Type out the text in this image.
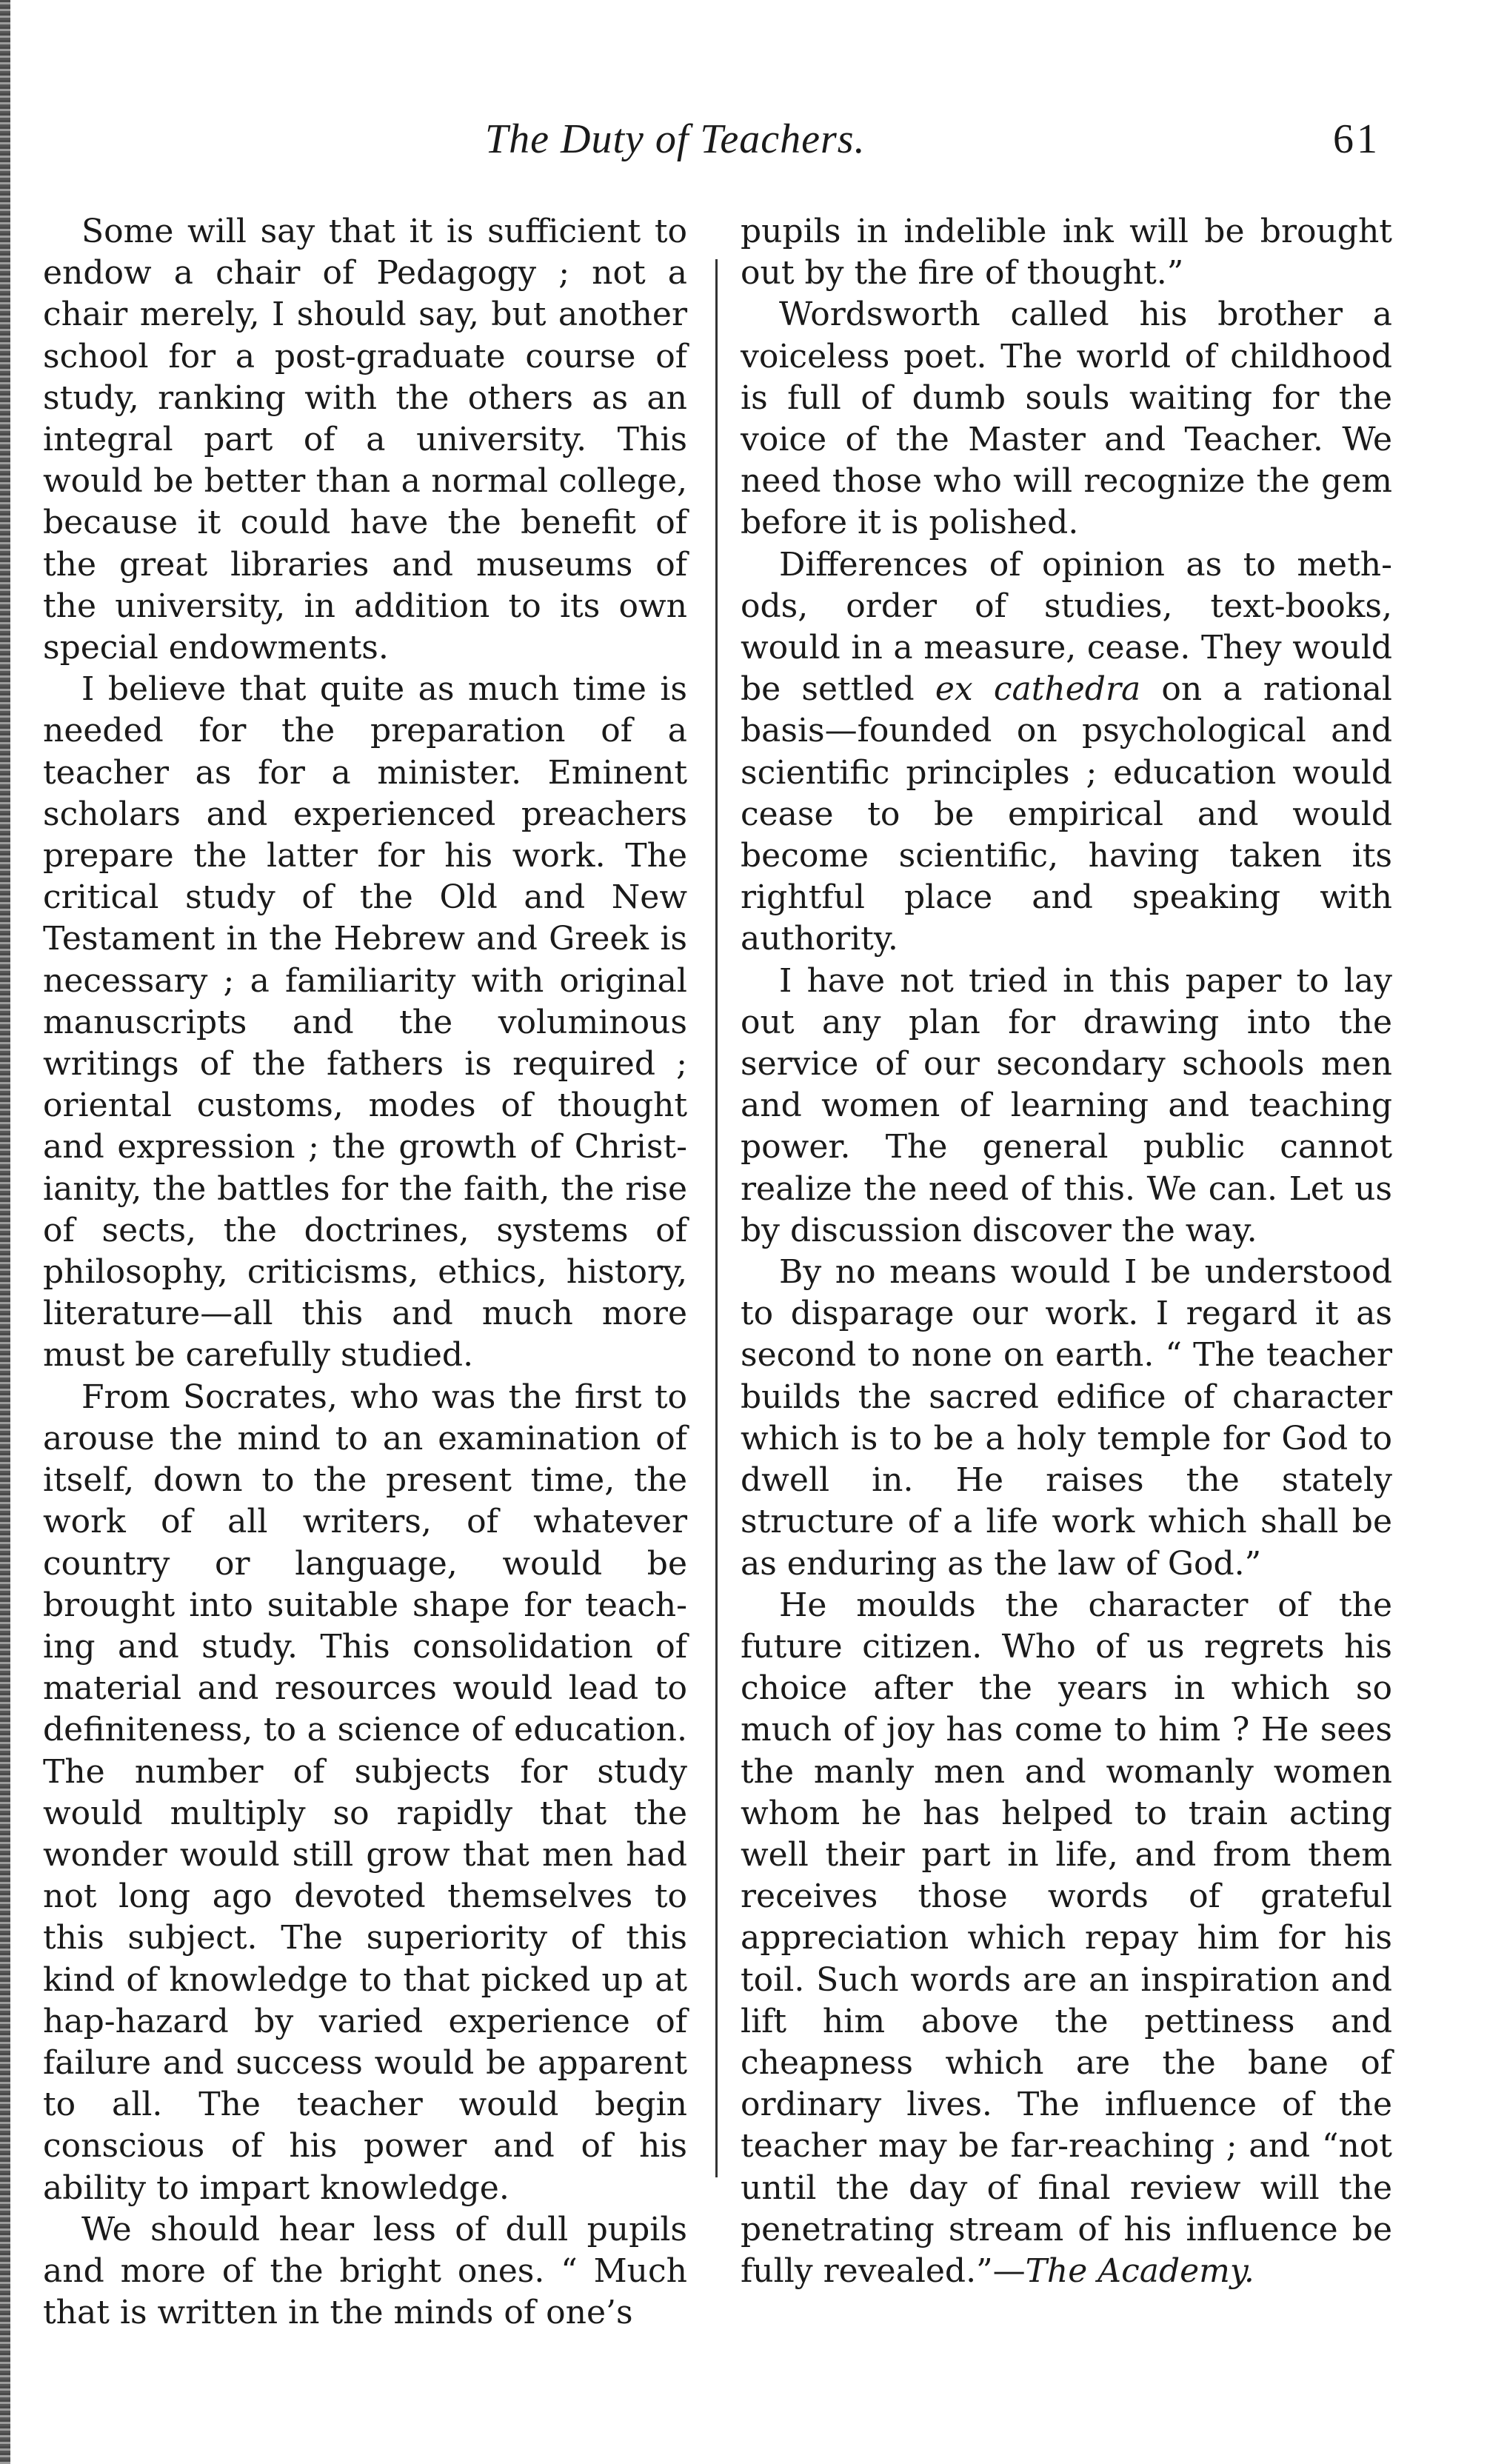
The Duty of Teachers.	61

Some will say that it is sufficient to endow a chair of Pedagogy ; not a chair merely, I should say, but another school for a post-graduate course of study, ranking with the others as an integral part of a university. This would be better than a normal college, because it could have the benefit of the great libraries and museums of the university, in addition to its own special endowments.

I believe that quite as much time is needed for the preparation of a teacher as for a minister. Eminent scholars and experienced preachers prepare the latter for his work. The critical study of the Old and New Testament in the Hebrew and Greek is necessary ; a familiarity with original manuscripts and the voluminous writings of the fathers is required ; oriental customs, modes of thought and expression ; the growth of Christianity, the battles for the faith, the rise of sects, the doctrines, systems of philosophy, criticisms, ethics, history, literature—all this and much more must be carefully studied.

From Socrates, who was the first to arouse the mind to an examination of itself, down to the present time, the work of all writers, of whatever country or language, would be brought into suitable shape for teaching and study. This consolidation of material and resources would lead to definiteness, to a science of education. The number of subjects for study would multiply so rapidly that the wonder would still grow that men had not long ago devoted themselves to this subject. The superiority of this kind of knowledge to that picked up at hap-hazard by varied experience of failure and success would be apparent to all. The teacher would begin conscious of his power and of his ability to impart knowledge.

We should hear less of dull pupils and more of the bright ones. “ Much that is written in the minds of one’s

pupils in indelible ink will be brought out by the fire of thought.”

Wordsworth called his brother a voiceless poet. The world of childhood is full of dumb souls waiting for the voice of the Master and Teacher. We need those who will recognize the gem before it is polished.

Differences of opinion as to methods, order of studies, text-books, would in a measure, cease. They would be settled ex cathedra on a rational basis—founded on psychological and scientific principles ; education would cease to be empirical and would become scientific, having taken its rightful place and speaking with authority.

I have not tried in this paper to lay out any plan for drawing into the service of our secondary schools men and women of learning and teaching power. The general public cannot realize the need of this. We can. Let us by discussion discover the way.

By no means would I be understood to disparage our work. I regard it as second to none on earth. “ The teacher builds the sacred edifice of character which is to be a holy temple for God to dwell in. He raises the stately structure of a life work which shall be as enduring as the law of God.”

He moulds the character of the future citizen. Who of us regrets his choice after the years in which so much of joy has come to him ? He sees the manly men and womanly women whom he has helped to train acting well their part in life, and from them receives those words of grateful appreciation which repay him for his toil. Such words are an inspiration and lift him above the pettiness and cheapness which are the bane of ordinary lives. The influence of the teacher may be far-reaching ; and “not until the day of final review will the penetrating stream of his influence be fully revealed.”—The Academy.
